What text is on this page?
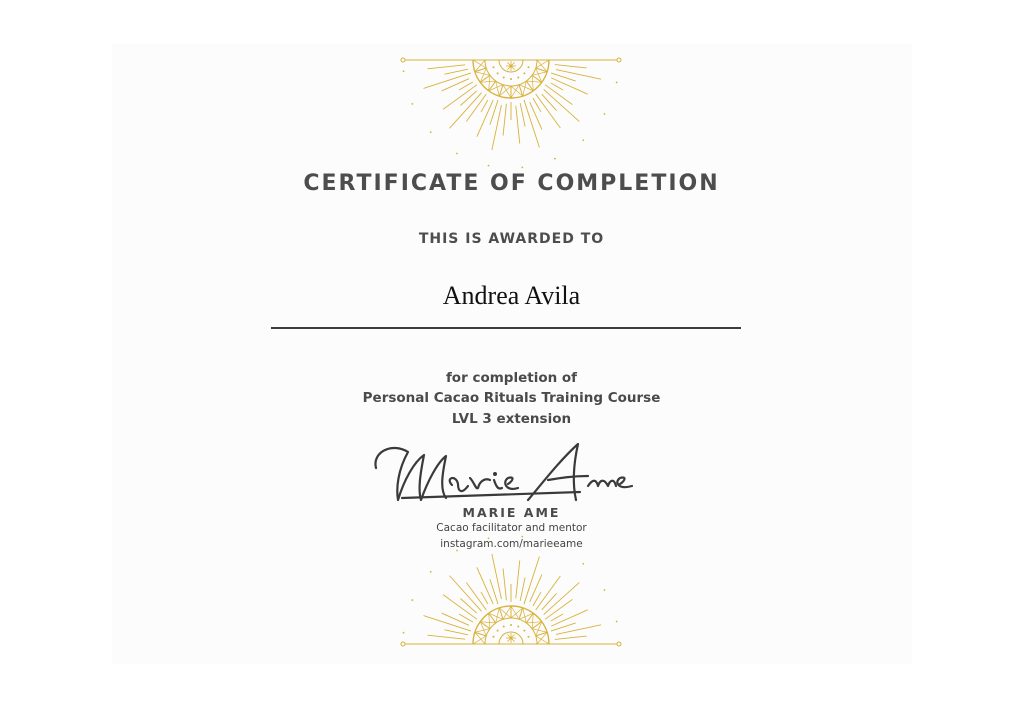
CERTIFICATE OF COMPLETION
THIS IS AWARDED TO
Andrea Avila
for completion of
Personal Cacao Rituals Training Course
LVL 3 extension
MARIE AME
Cacao facilitator and mentor
instagram.com/marieeame
